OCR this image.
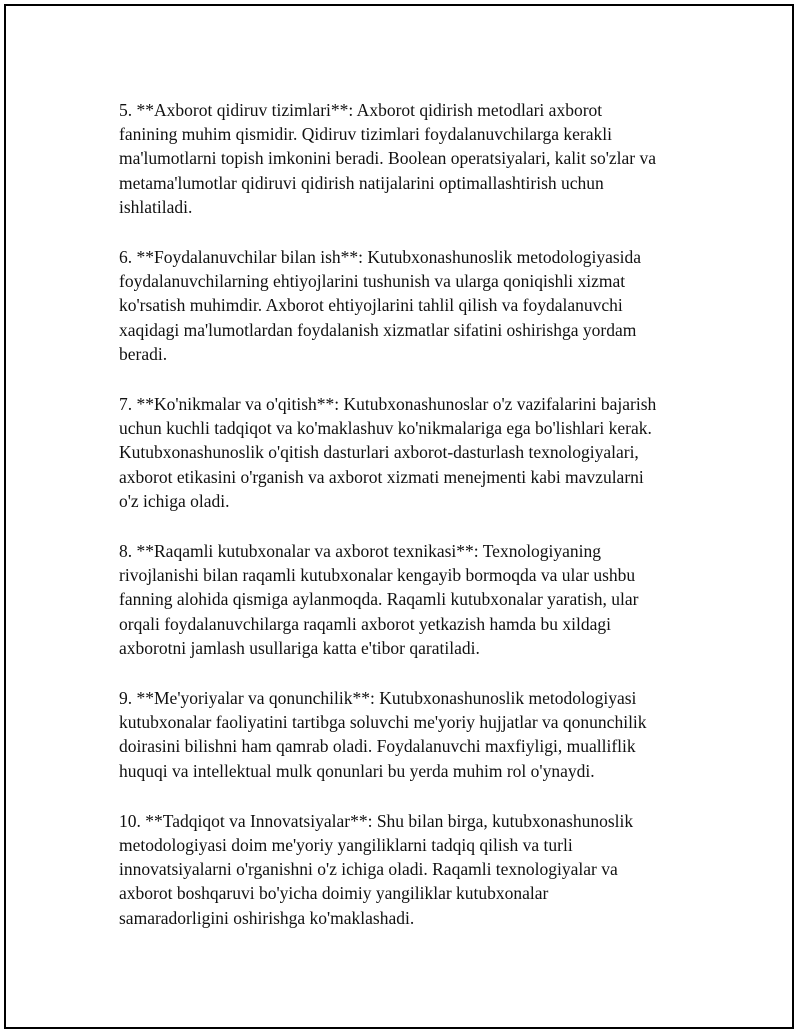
5. **Axborot qidiruv tizimlari**: Axborot qidirish metodlari axborot
fanining muhim qismidir. Qidiruv tizimlari foydalanuvchilarga kerakli
ma'lumotlarni topish imkonini beradi. Boolean operatsiyalari, kalit so'zlar va
metama'lumotlar qidiruvi qidirish natijalarini optimallashtirish uchun
ishlatiladi.

6. **Foydalanuvchilar bilan ish**: Kutubxonashunoslik metodologiyasida
foydalanuvchilarning ehtiyojlarini tushunish va ularga qoniqishli xizmat
ko'rsatish muhimdir. Axborot ehtiyojlarini tahlil qilish va foydalanuvchi
xaqidagi ma'lumotlardan foydalanish xizmatlar sifatini oshirishga yordam
beradi.

7. **Ko'nikmalar va o'qitish**: Kutubxonashunoslar o'z vazifalarini bajarish
uchun kuchli tadqiqot va ko'maklashuv ko'nikmalariga ega bo'lishlari kerak.
Kutubxonashunoslik o'qitish dasturlari axborot-dasturlash texnologiyalari,
axborot etikasini o'rganish va axborot xizmati menejmenti kabi mavzularni
o'z ichiga oladi.

8. **Raqamli kutubxonalar va axborot texnikasi**: Texnologiyaning
rivojlanishi bilan raqamli kutubxonalar kengayib bormoqda va ular ushbu
fanning alohida qismiga aylanmoqda. Raqamli kutubxonalar yaratish, ular
orqali foydalanuvchilarga raqamli axborot yetkazish hamda bu xildagi
axborotni jamlash usullariga katta e'tibor qaratiladi.

9. **Me'yoriyalar va qonunchilik**: Kutubxonashunoslik metodologiyasi
kutubxonalar faoliyatini tartibga soluvchi me'yoriy hujjatlar va qonunchilik
doirasini bilishni ham qamrab oladi. Foydalanuvchi maxfiyligi, mualliflik
huquqi va intellektual mulk qonunlari bu yerda muhim rol o'ynaydi.

10. **Tadqiqot va Innovatsiyalar**: Shu bilan birga, kutubxonashunoslik
metodologiyasi doim me'yoriy yangiliklarni tadqiq qilish va turli
innovatsiyalarni o'rganishni o'z ichiga oladi. Raqamli texnologiyalar va
axborot boshqaruvi bo'yicha doimiy yangiliklar kutubxonalar
samaradorligini oshirishga ko'maklashadi.
